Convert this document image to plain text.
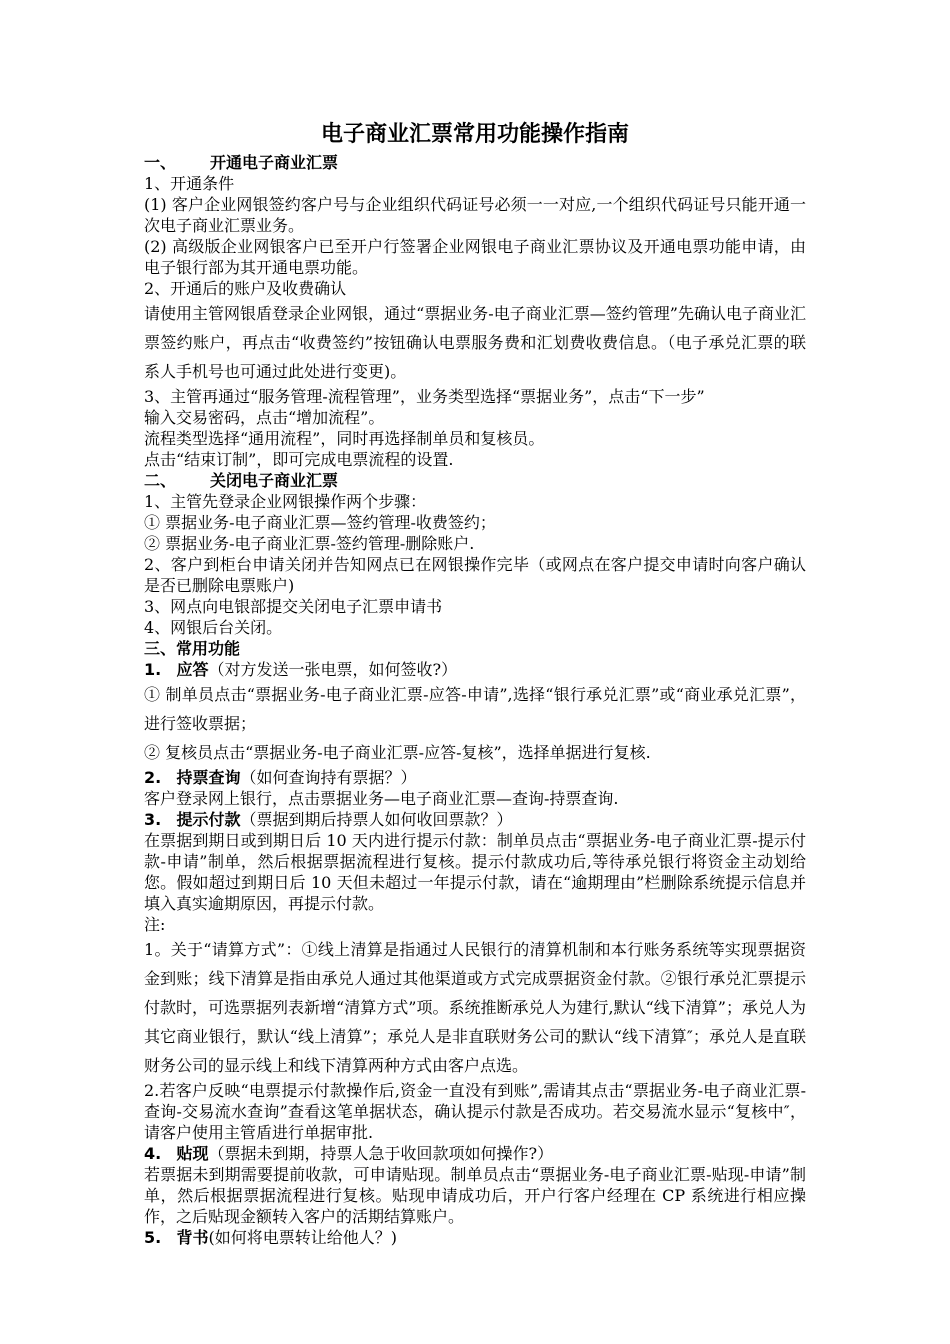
电子商业汇票常用功能操作指南
一、 开通电子商业汇票

1、开通条件

(1) 客户企业网银签约客户号与企业组织代码证号必须一一对应,一个组织代码证号只能开通一次电子商业汇票业务。

(2) 高级版企业网银客户已至开户行签署企业网银电子商业汇票协议及开通电票功能申请，由电子银行部为其开通电票功能。

2、开通后的账户及收费确认

请使用主管网银盾登录企业网银，通过“票据业务-电子商业汇票—签约管理”先确认电子商业汇票签约账户，再点击“收费签约”按钮确认电票服务费和汇划费收费信息。（电子承兑汇票的联系人手机号也可通过此处进行变更)。

3、主管再通过“服务管理-流程管理”，业务类型选择“票据业务”，点击“下一步”

输入交易密码，点击“增加流程”。

流程类型选择“通用流程”，同时再选择制单员和复核员。

点击“结束订制”，即可完成电票流程的设置.

二、 关闭电子商业汇票

1、主管先登录企业网银操作两个步骤：

① 票据业务-电子商业汇票—签约管理-收费签约；

② 票据业务-电子商业汇票-签约管理-删除账户.

2、客户到柜台申请关闭并告知网点已在网银操作完毕（或网点在客户提交申请时向客户确认是否已删除电票账户)

3、网点向电银部提交关闭电子汇票申请书

4、网银后台关闭。

三、常用功能

1. 应答（对方发送一张电票，如何签收?）

① 制单员点击“票据业务-电子商业汇票-应答-申请”,选择“银行承兑汇票”或“商业承兑汇票”，进行签收票据；

② 复核员点击“票据业务-电子商业汇票-应答-复核”，选择单据进行复核.

2. 持票查询（如何查询持有票据？）

客户登录网上银行，点击票据业务—电子商业汇票—查询-持票查询.

3. 提示付款（票据到期后持票人如何收回票款？）

在票据到期日或到期日后 10 天内进行提示付款：制单员点击“票据业务-电子商业汇票-提示付款-申请”制单，然后根据票据流程进行复核。提示付款成功后,等待承兑银行将资金主动划给您。假如超过到期日后 10 天但未超过一年提示付款，请在“逾期理由”栏删除系统提示信息并填入真实逾期原因，再提示付款。

注:

1。关于“请算方式”：①线上清算是指通过人民银行的清算机制和本行账务系统等实现票据资金到账；线下清算是指由承兑人通过其他渠道或方式完成票据资金付款。②银行承兑汇票提示付款时，可选票据列表新增“清算方式”项。系统推断承兑人为建行,默认“线下清算”；承兑人为其它商业银行，默认“线上清算”；承兑人是非直联财务公司的默认“线下清算″；承兑人是直联财务公司的显示线上和线下清算两种方式由客户点选。

2.若客户反映“电票提示付款操作后,资金一直没有到账”,需请其点击“票据业务-电子商业汇票-查询-交易流水查询”查看这笔单据状态，确认提示付款是否成功。若交易流水显示“复核中″，请客户使用主管盾进行单据审批.

4. 贴现（票据未到期，持票人急于收回款项如何操作?）

若票据未到期需要提前收款，可申请贴现。制单员点击“票据业务-电子商业汇票-贴现-申请”制单，然后根据票据流程进行复核。贴现申请成功后，开户行客户经理在 CP 系统进行相应操作，之后贴现金额转入客户的活期结算账户。

5. 背书(如何将电票转让给他人？)
